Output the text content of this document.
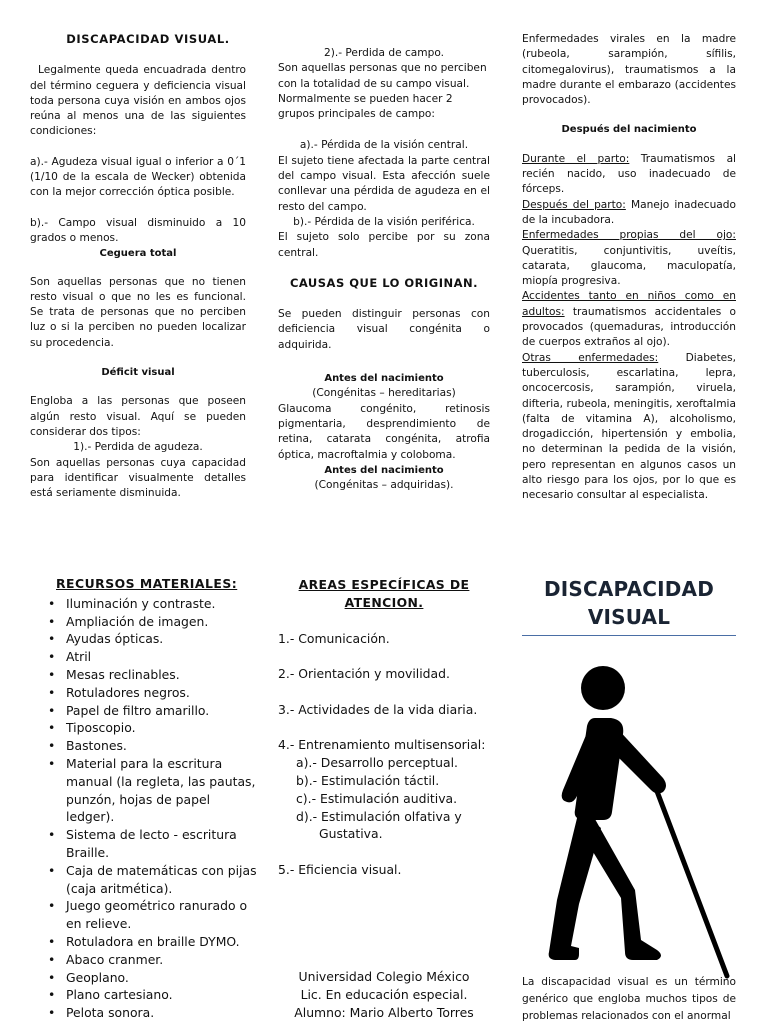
DISCAPACIDAD VISUAL.

Legalmente queda encuadrada dentro del término ceguera y deficiencia visual toda persona cuya visión en ambos ojos reúna al menos una de las siguientes condiciones:

a).- Agudeza visual igual o inferior a 0´1 (1/10 de la escala de Wecker) obtenida con la mejor corrección óptica posible.

b).- Campo visual disminuido a 10 grados o menos.

Ceguera total

Son aquellas personas que no tienen resto visual o que no les es funcional. Se trata de personas que no perciben luz o si la perciben no pueden localizar su procedencia.

Déficit visual

Engloba a las personas que poseen algún resto visual. Aquí se pueden considerar dos tipos:

1).- Perdida de agudeza.

Son aquellas personas cuya capacidad para identificar visualmente detalles está seriamente disminuida.

2).- Perdida de campo.

Son aquellas personas que no perciben con la totalidad de su campo visual. Normalmente se pueden hacer 2 grupos principales de campo:

a).- Pérdida de la visión central.

El sujeto tiene afectada la parte central del campo visual. Esta afección suele conllevar una pérdida de agudeza en el resto del campo.

b).- Pérdida de la visión periférica.

El sujeto solo percibe por su zona central.

CAUSAS QUE LO ORIGINAN.

Se pueden distinguir personas con deficiencia visual congénita o adquirida.

Antes del nacimiento

(Congénitas – hereditarias)

Glaucoma congénito, retinosis pigmentaria, desprendimiento de retina, catarata congénita, atrofia óptica, macroftalmia y coloboma.

Antes del nacimiento

(Congénitas – adquiridas).

Enfermedades virales en la madre (rubeola, sarampión, sífilis, citomegalovirus), traumatismos a la madre durante el embarazo (accidentes provocados).

Después del nacimiento

Durante el parto: Traumatismos al recién nacido, uso inadecuado de fórceps.

Después del parto: Manejo inadecuado de la incubadora.

Enfermedades propias del ojo: Queratitis, conjuntivitis, uveítis, catarata, glaucoma, maculopatía, miopía progresiva.

Accidentes tanto en niños como en adultos: traumatismos accidentales o provocados (quemaduras, introducción de cuerpos extraños al ojo).

Otras enfermedades:	Diabetes, tuberculosis, escarlatina, lepra, oncocercosis, sarampión, viruela, difteria, rubeola, meningitis, xeroftalmia (falta de vitamina A), alcoholismo, drogadicción, hipertensión y embolia, no determinan la pedida de la visión, pero representan en algunos casos un alto riesgo para los ojos, por lo que es necesario consultar al especialista.

RECURSOS MATERIALES:
• Iluminación y contraste.
• Ampliación de imagen.
• Ayudas ópticas.
• Atril
• Mesas reclinables.
• Rotuladores negros.
• Papel de filtro amarillo.
• Tiposcopio.
• Bastones.
• Material para la escritura manual (la regleta, las pautas, punzón, hojas de papel ledger).
• Sistema de lecto - escritura Braille.
• Caja de matemáticas con pijas (caja aritmética).
• Juego geométrico ranurado o en relieve.
• Rotuladora en braille DYMO.
• Abaco cranmer.
• Geoplano.
• Plano cartesiano.
• Pelota sonora.
AREAS ESPECÍFICAS DE ATENCION.
1.- Comunicación.
2.- Orientación y movilidad.
3.- Actividades de la vida diaria.
4.- Entrenamiento multisensorial:
a).- Desarrollo perceptual.
b).- Estimulación táctil.
c).- Estimulación auditiva.
d).- Estimulación olfativa y
Gustativa.
5.- Eficiencia visual.
Universidad Colegio México
Lic. En educación especial.
Alumno: Mario Alberto Torres
DISCAPACIDAD
VISUAL
La discapacidad visual es un término genérico que engloba muchos tipos de problemas relacionados con el anormal
